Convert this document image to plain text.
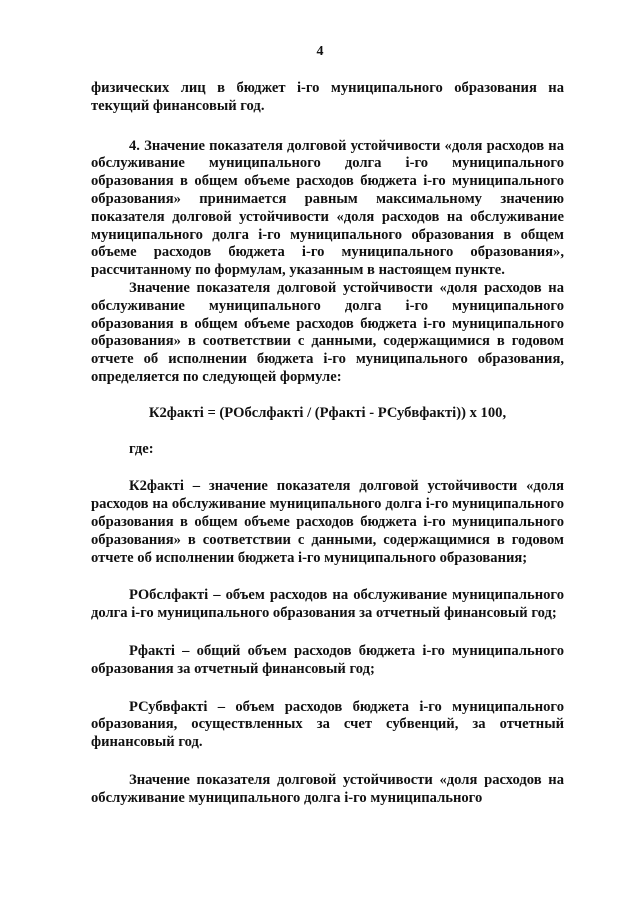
4

физических лиц в бюджет i-го муниципального образования на текущий финансовый год.

4. Значение показателя долговой устойчивости «доля расходов на обслуживание муниципального долга i-го муниципального образования в общем объеме расходов бюджета i-го муниципального образования» принимается равным максимальному значению показателя долговой устойчивости «доля расходов на обслуживание муниципального долга i-го муниципального образования в общем объеме расходов бюджета i-го муниципального образования», рассчитанному по формулам, указанным в настоящем пункте.

Значение показателя долговой устойчивости «доля расходов на обслуживание муниципального долга i-го муниципального образования в общем объеме расходов бюджета i-го муниципального образования» в соответствии с данными, содержащимися в годовом отчете об исполнении бюджета i-го муниципального образования, определяется по следующей формуле:

К2фактi = (РОбслфактi / (Рфактi - РСубвфактi)) x 100,

где:

К2фактi – значение показателя долговой устойчивости «доля расходов на обслуживание муниципального долга i-го муниципального образования в общем объеме расходов бюджета i-го муниципального образования» в соответствии с данными, содержащимися в годовом отчете об исполнении бюджета i-го муниципального образования;

РОбслфактi – объем расходов на обслуживание муниципального долга i-го муниципального образования за отчетный финансовый год;

Рфактi – общий объем расходов бюджета i-го муниципального образования за отчетный финансовый год;

РСубвфактi – объем расходов бюджета i-го муниципального образования, осуществленных за счет субвенций, за отчетный финансовый год.

Значение показателя долговой устойчивости «доля расходов на обслуживание муниципального долга i-го муниципального
